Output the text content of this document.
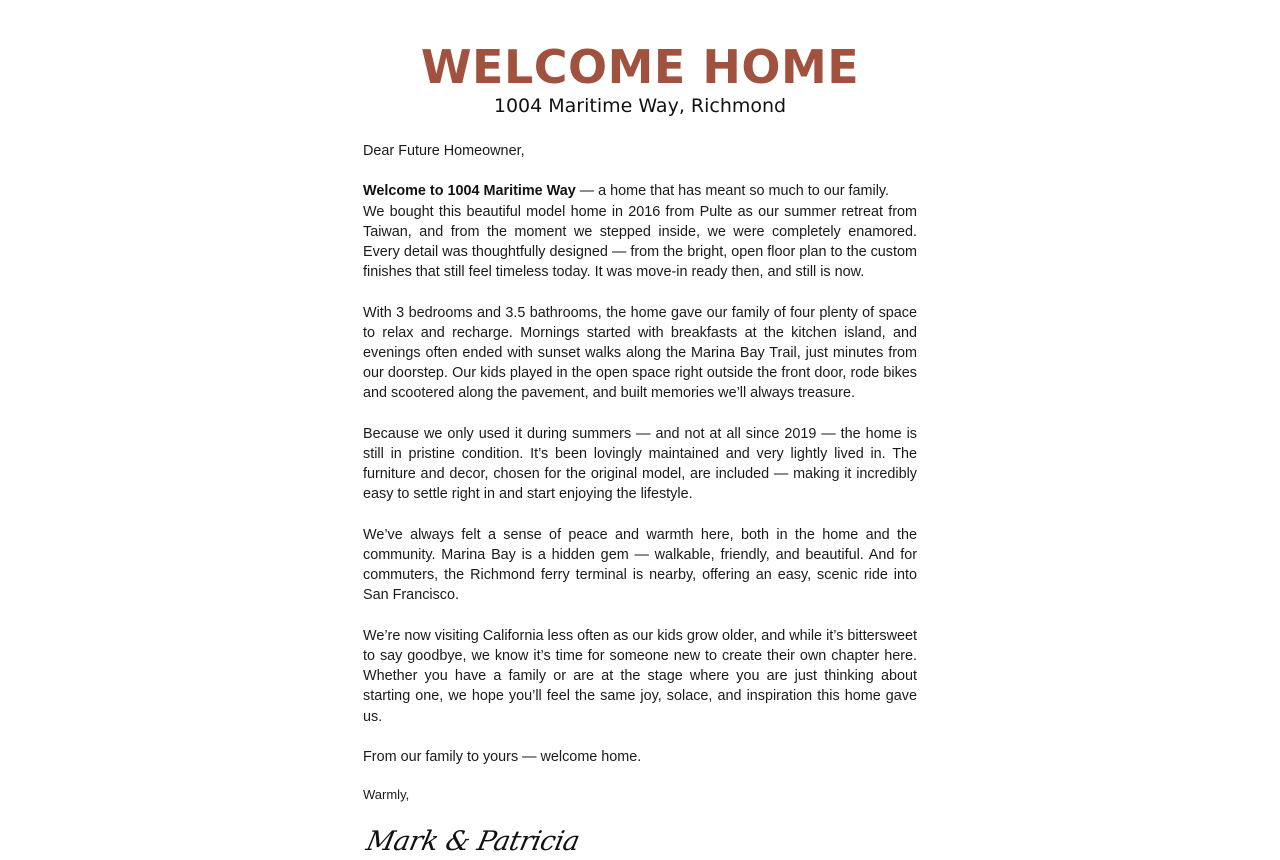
WELCOME HOME

1004 Maritime Way, Richmond

Dear Future Homeowner,

Welcome to 1004 Maritime Way — a home that has meant so much to our family.
We bought this beautiful model home in 2016 from Pulte as our summer retreat from Taiwan, and from the moment we stepped inside, we were completely enamored. Every detail was thoughtfully designed — from the bright, open floor plan to the custom finishes that still feel timeless today. It was move-in ready then, and still is now.

With 3 bedrooms and 3.5 bathrooms, the home gave our family of four plenty of space to relax and recharge. Mornings started with breakfasts at the kitchen island, and evenings often ended with sunset walks along the Marina Bay Trail, just minutes from our doorstep. Our kids played in the open space right outside the front door, rode bikes and scootered along the pavement, and built memories we’ll always treasure.

Because we only used it during summers — and not at all since 2019 — the home is still in pristine condition. It’s been lovingly maintained and very lightly lived in. The furniture and decor, chosen for the original model, are included — making it incredibly easy to settle right in and start enjoying the lifestyle.

We’ve always felt a sense of peace and warmth here, both in the home and the community. Marina Bay is a hidden gem — walkable, friendly, and beautiful. And for commuters, the Richmond ferry terminal is nearby, offering an easy, scenic ride into San Francisco.

We’re now visiting California less often as our kids grow older, and while it’s bittersweet to say goodbye, we know it’s time for someone new to create their own chapter here. Whether you have a family or are at the stage where you are just thinking about starting one, we hope you’ll feel the same joy, solace, and inspiration this home gave us.

From our family to yours — welcome home.

Warmly,

Mark & Patricia
